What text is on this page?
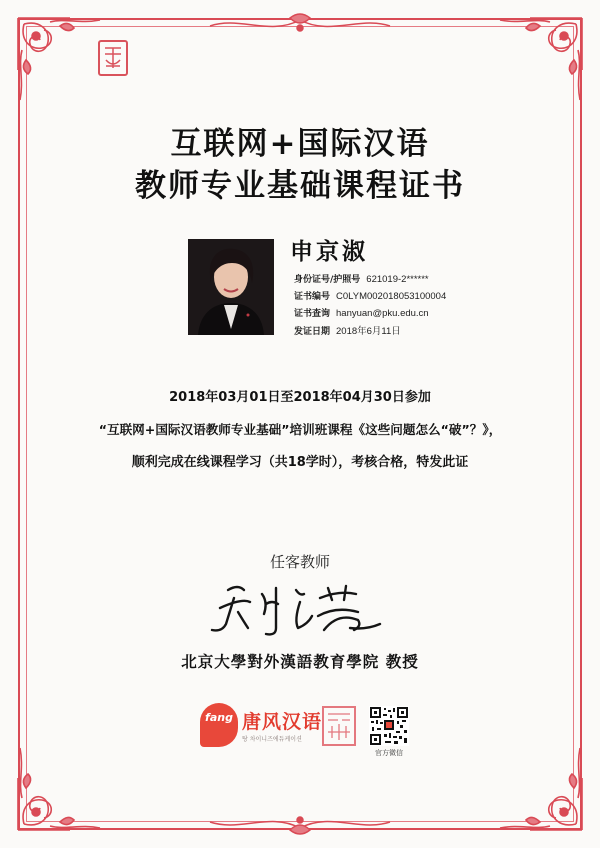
互联网+国际汉语
教师专业基础课程证书
申京淑
身份证号/护照号 621019-2******
证书编号 C0LYM002018053100004
证书查询 hanyuan@pku.edu.cn
发证日期 2018年6月11日
2018年03月01日至2018年04月30日参加
“互联网+国际汉语教师专业基础”培训班课程《这些问题怎么“破”？》，
顺利完成在线课程学习（共18学时），考核合格，特发此证
任客教师
北京大學對外漢語教育學院 教授
fang 唐风汉语
탕 차이니즈에듀케이션
官方微信
